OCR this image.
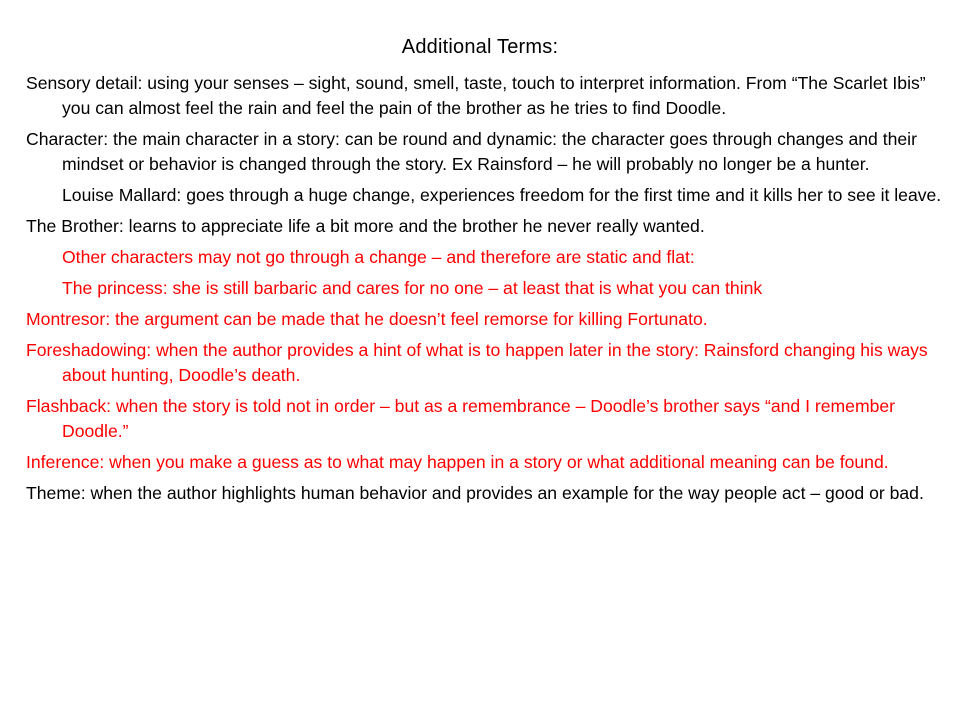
Additional Terms:

Sensory detail: using your senses – sight, sound, smell, taste, touch to interpret information. From “The Scarlet Ibis” you can almost feel the rain and feel the pain of the brother as he tries to find Doodle.

Character: the main character in a story: can be round and dynamic: the character goes through changes and their mindset or behavior is changed through the story. Ex Rainsford – he will probably no longer be a hunter.

Louise Mallard: goes through a huge change, experiences freedom for the first time and it kills her to see it leave.

The Brother: learns to appreciate life a bit more and the brother he never really wanted.

Other characters may not go through a change – and therefore are static and flat:

The princess: she is still barbaric and cares for no one – at least that is what you can think

Montresor: the argument can be made that he doesn’t feel remorse for killing Fortunato.

Foreshadowing: when the author provides a hint of what is to happen later in the story: Rainsford changing his ways about hunting, Doodle’s death.

Flashback: when the story is told not in order – but as a remembrance – Doodle’s brother says “and I remember Doodle.”

Inference: when you make a guess as to what may happen in a story or what additional meaning can be found.

Theme: when the author highlights human behavior and provides an example for the way people act – good or bad.
